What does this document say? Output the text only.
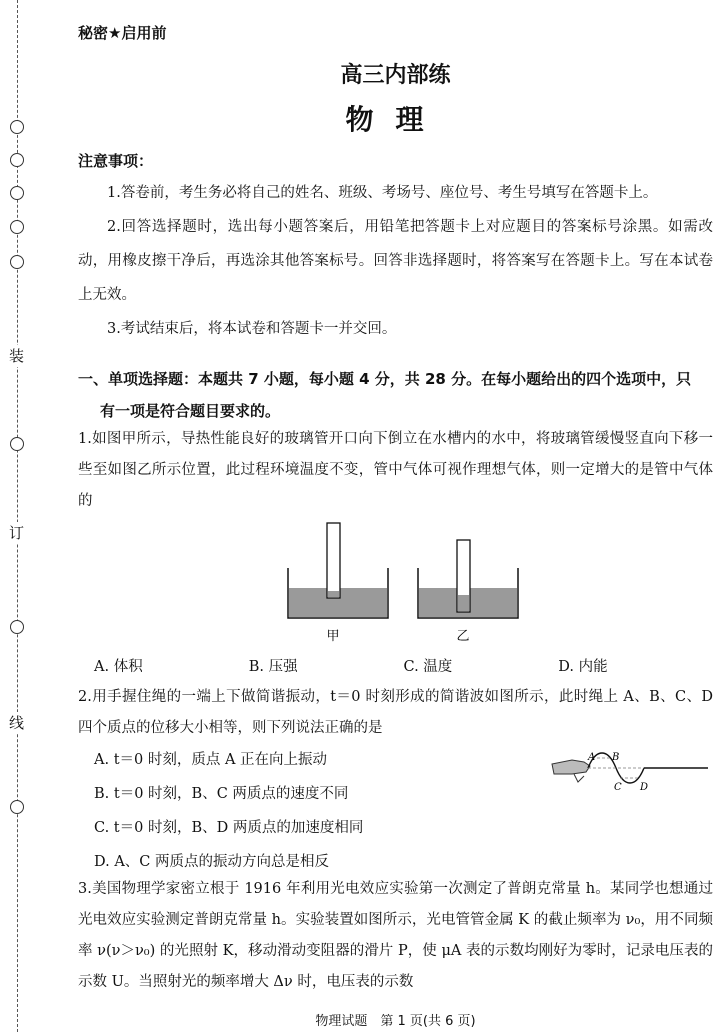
装
订
线
秘密★启用前
高三内部练
物理
注意事项：
1.答卷前，考生务必将自己的姓名、班级、考场号、座位号、考生号填写在答题卡上。
2.回答选择题时，选出每小题答案后，用铅笔把答题卡上对应题目的答案标号涂黑。如需改动，用橡皮擦干净后，再选涂其他答案标号。回答非选择题时，将答案写在答题卡上。写在本试卷上无效。
3.考试结束后，将本试卷和答题卡一并交回。
一、单项选择题：本题共 7 小题，每小题 4 分，共 28 分。在每小题给出的四个选项中，只
有一项是符合题目要求的。
1.如图甲所示，导热性能良好的玻璃管开口向下倒立在水槽内的水中，将玻璃管缓慢竖直向下移一些至如图乙所示位置，此过程环境温度不变，管中气体可视作理想气体，则一定增大的是管中气体的
甲	乙
A. 体积	B. 压强	C. 温度	D. 内能
2.用手握住绳的一端上下做简谐振动，t＝0 时刻形成的简谐波如图所示，此时绳上 A、B、C、D 四个质点的位移大小相等，则下列说法正确的是
A. t＝0 时刻，质点 A 正在向上振动
B. t＝0 时刻，B、C 两质点的速度不同
C. t＝0 时刻，B、D 两质点的加速度相同
D. A、C 两质点的振动方向总是相反
A B
C D
3.美国物理学家密立根于 1916 年利用光电效应实验第一次测定了普朗克常量 h。某同学也想通过光电效应实验测定普朗克常量 h。实验装置如图所示，光电管管金属 K 的截止频率为 ν₀，用不同频率 ν(ν＞ν₀) 的光照射 K，移动滑动变阻器的滑片 P，使 μA 表的示数均刚好为零时，记录电压表的示数 U。当照射光的频率增大 Δν 时，电压表的示数
物理试题　第 1 页(共 6 页)
